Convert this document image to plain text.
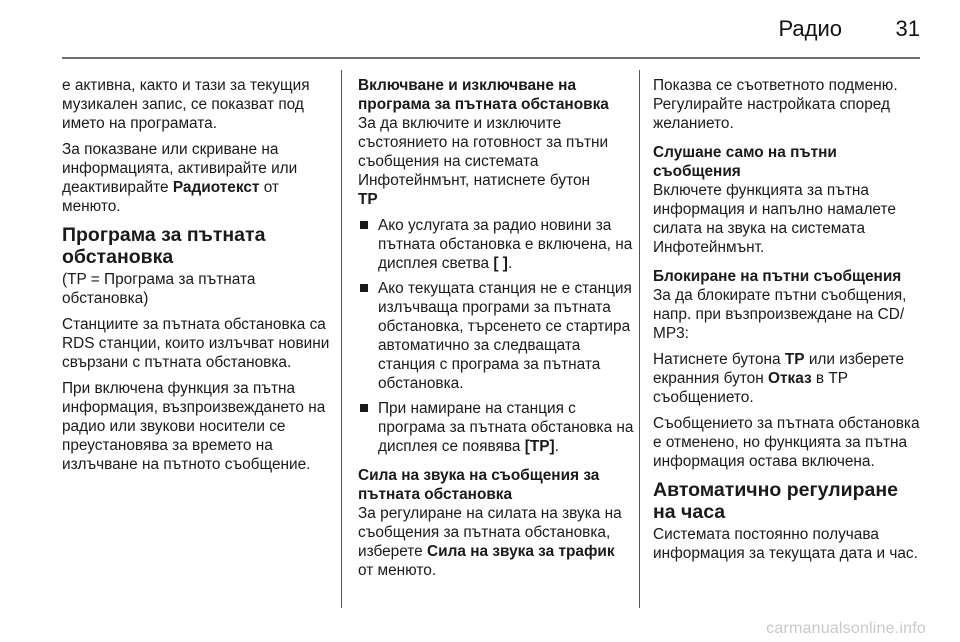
Радио 31

е активна, както и тази за текущия музикален запис, се показват под името на програмата.

За показване или скриване на информацията, активирайте или деактивирайте Радиотекст от менюто.

Програма за пътната обстановка

(TP = Програма за пътната обстановка)

Станциите за пътната обстановка са RDS станции, които излъчват новини свързани с пътната обстановка.

При включена функция за пътна информация, възпроизвеждането на радио или звукови носители се преустановява за времето на излъчване на пътното съобщение.

Включване и изключване на програма за пътната обстановка

За да включите и изключите състоянието на готовност за пътни съобщения на системата Инфотейнмънт, натиснете бутон
TP

Ако услугата за радио новини за пътната обстановка е включена, на дисплея светва [ ].
Ако текущата станция не е станция излъчваща програми за пътната обстановка, търсенето се стартира автоматично за следващата станция с програма за пътната обстановка.
При намиране на станция с програма за пътната обстановка на дисплея се появява [TP].
Сила на звука на съобщения за пътната обстановка

За регулиране на силата на звука на съобщения за пътната обстановка, изберете Сила на звука за трафик от менюто.

Показва се съответното подменю. Регулирайте настройката според желанието.

Слушане само на пътни съобщения

Включете функцията за пътна информация и напълно намалете силата на звука на системата Инфотейнмънт.

Блокиране на пътни съобщения

За да блокирате пътни съобщения, напр. при възпроизвеждане на CD/ MP3:

Натиснете бутона TP или изберете екранния бутон Отказ в TP съобщението.

Съобщението за пътната обстановка е отменено, но функцията за пътна информация остава включена.

Автоматично регулиране на часа

Системата постоянно получава информация за текущата дата и час.

carmanualsonline.info
